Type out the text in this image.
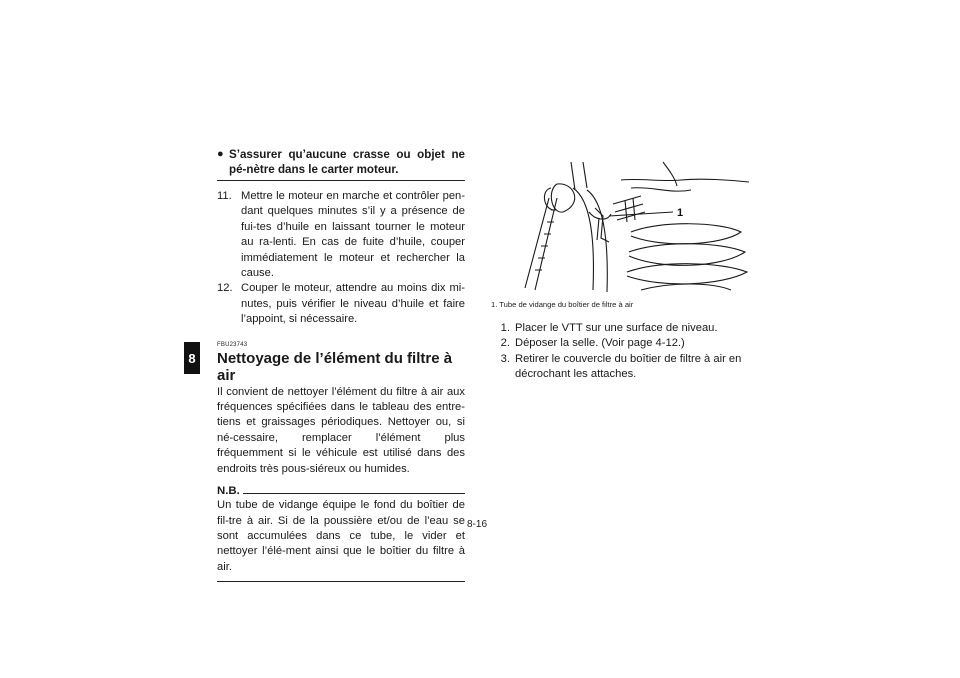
8
● S’assurer qu’aucune crasse ou objet ne pé-nètre dans le carter moteur.
11. Mettre le moteur en marche et contrôler pen-dant quelques minutes s’il y a présence de fui-tes d’huile en laissant tourner le moteur au ra-lenti. En cas de fuite d’huile, couper immédiatement le moteur et rechercher la cause.
12. Couper le moteur, attendre au moins dix mi-nutes, puis vérifier le niveau d’huile et faire l’appoint, si nécessaire.
FBU23743
Nettoyage de l’élément du filtre à air
Il convient de nettoyer l’élément du filtre à air aux fréquences spécifiées dans le tableau des entre-tiens et graissages périodiques. Nettoyer ou, si né-cessaire, remplacer l’élément plus fréquemment si le véhicule est utilisé dans des endroits très pous-siéreux ou humides.
N.B.
Un tube de vidange équipe le fond du boîtier de fil-tre à air. Si de la poussière et/ou de l’eau se sont accumulées dans ce tube, le vider et nettoyer l’élé-ment ainsi que le boîtier du filtre à air.
1
1. Tube de vidange du boîtier de filtre à air
1. Placer le VTT sur une surface de niveau.
2. Déposer la selle. (Voir page 4-12.)
3. Retirer le couvercle du boîtier de filtre à air en décrochant les attaches.
8-16
